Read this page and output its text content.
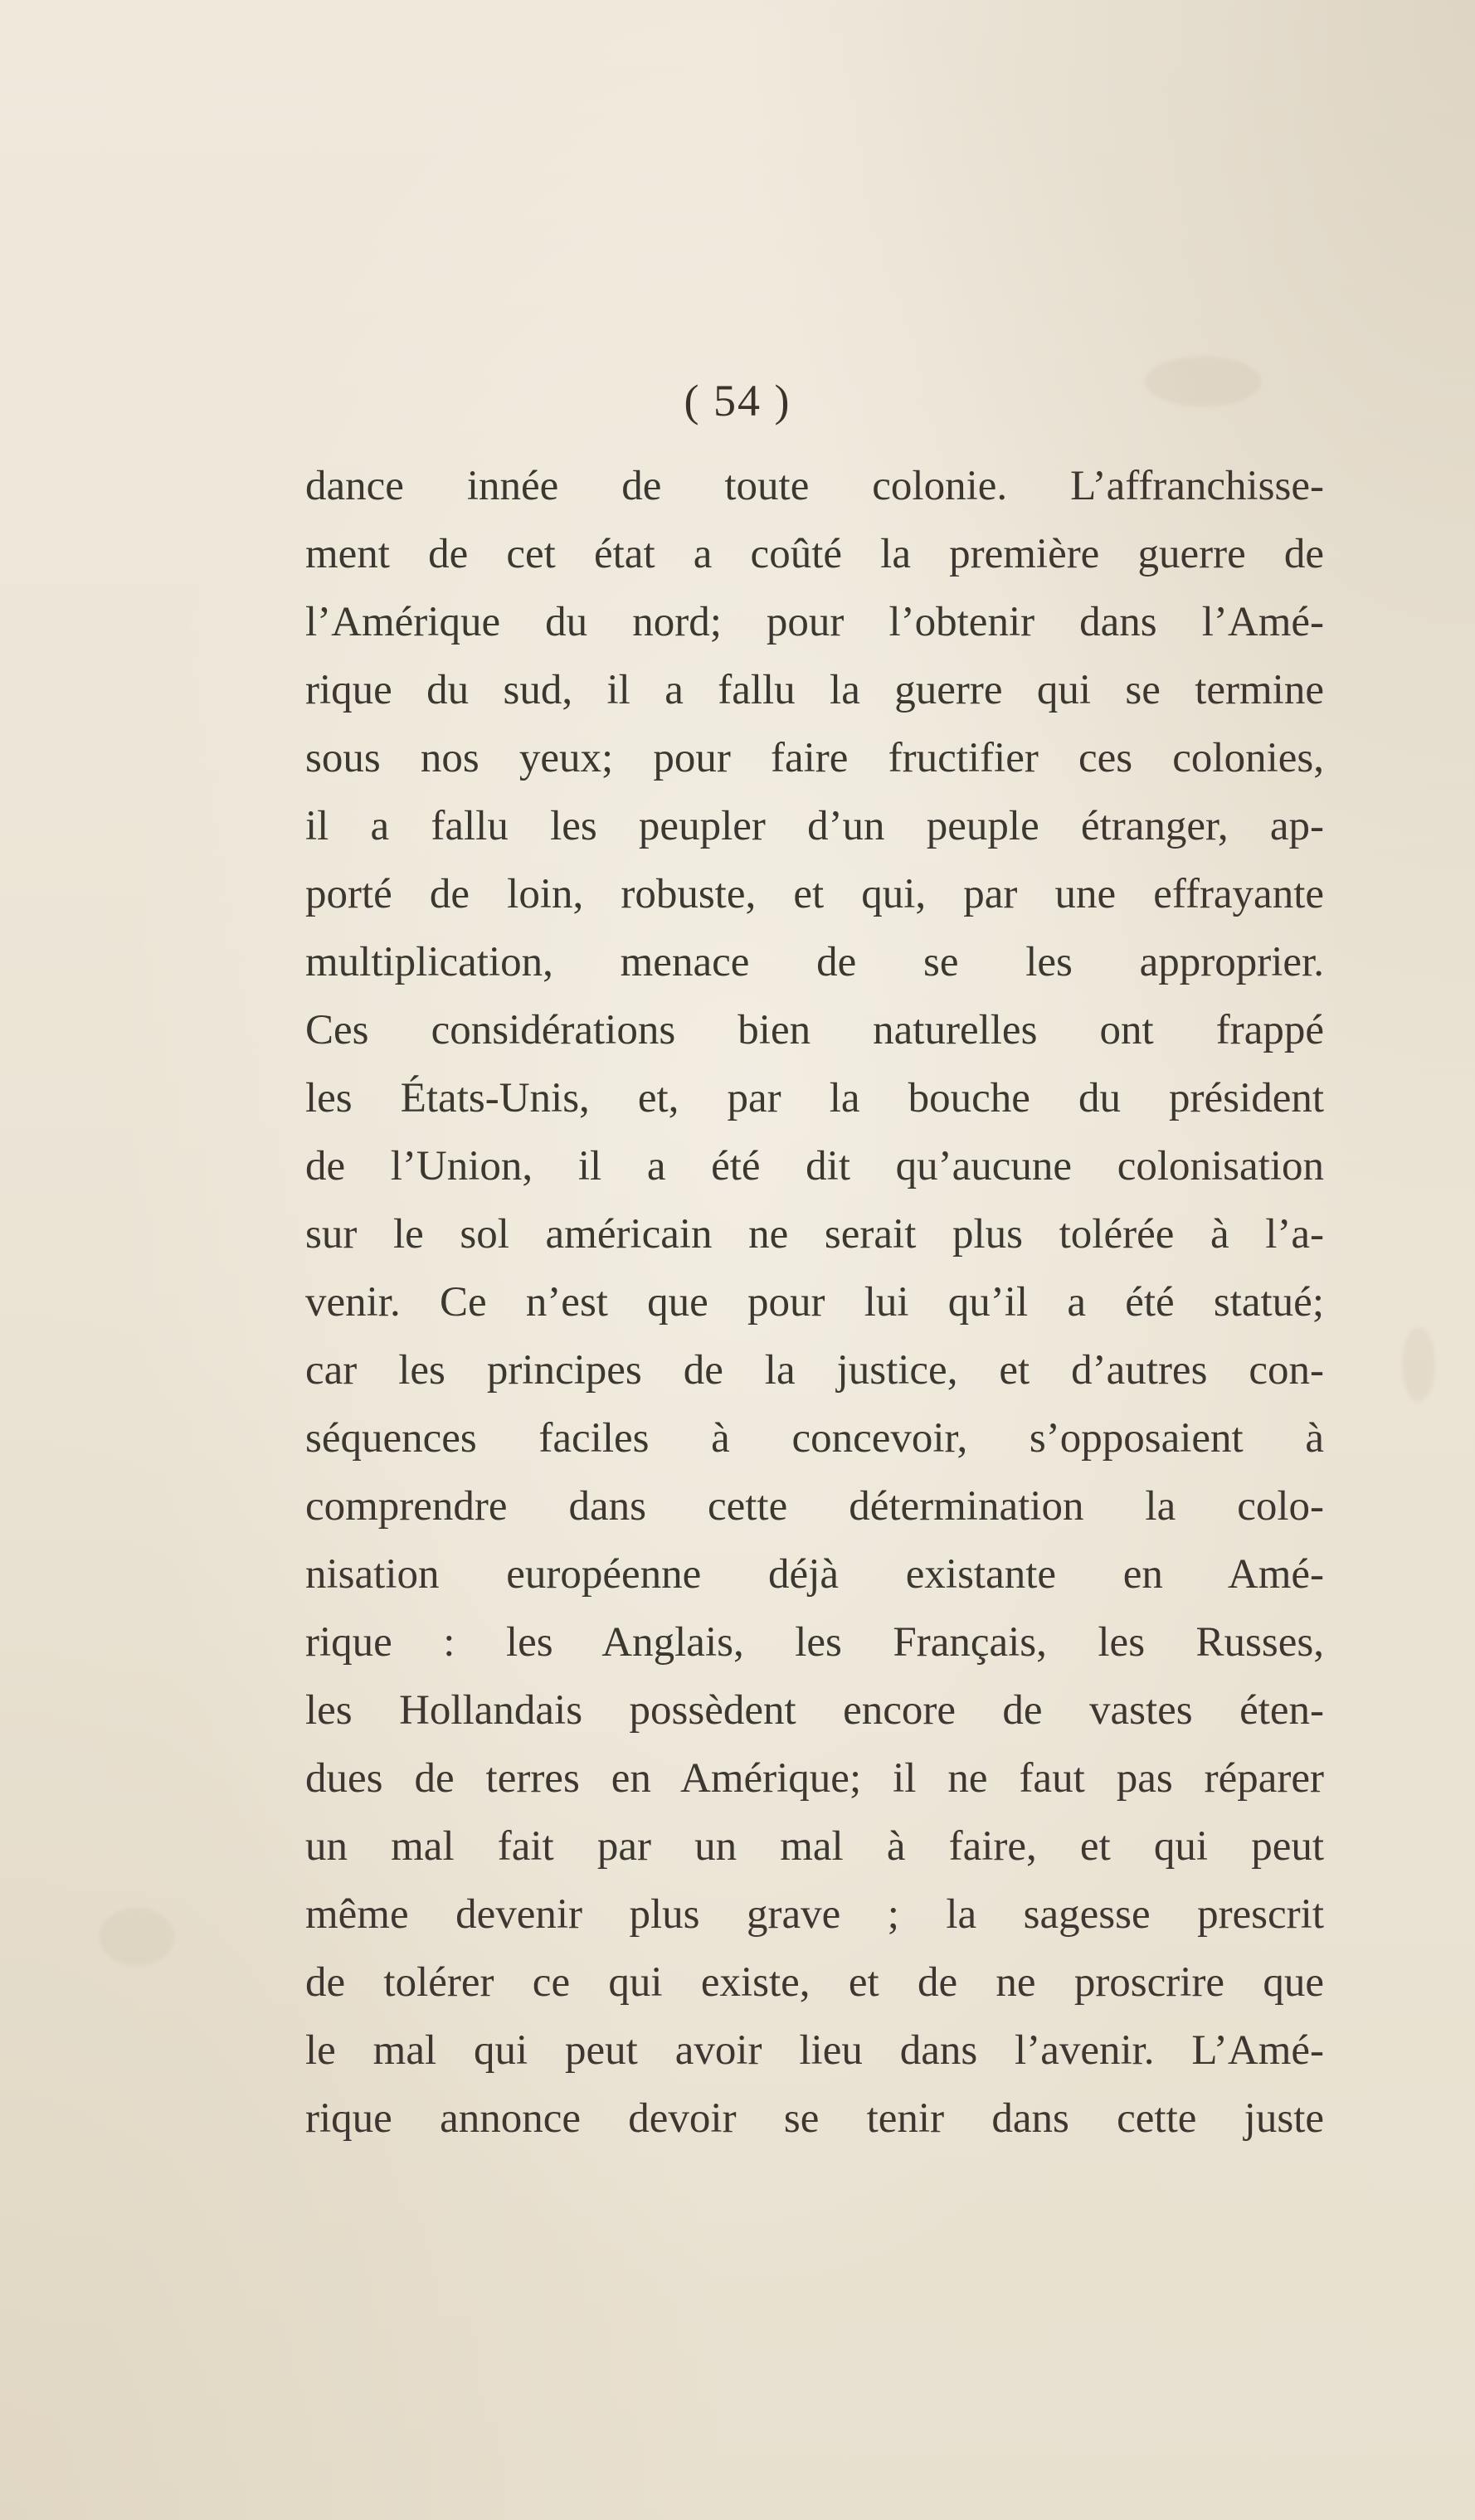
( 54 )
dance innée de toute colonie. L’affranchisse-
ment de cet état a coûté la première guerre de
l’Amérique du nord; pour l’obtenir dans l’Amé-
rique du sud, il a fallu la guerre qui se termine
sous nos yeux; pour faire fructifier ces colonies,
il a fallu les peupler d’un peuple étranger, ap-
porté de loin, robuste, et qui, par une effrayante
multiplication, menace de se les approprier.
Ces considérations bien naturelles ont frappé
les États-Unis, et, par la bouche du président
de l’Union, il a été dit qu’aucune colonisation
sur le sol américain ne serait plus tolérée à l’a-
venir. Ce n’est que pour lui qu’il a été statué;
car les principes de la justice, et d’autres con-
séquences faciles à concevoir, s’opposaient à
comprendre dans cette détermination la colo-
nisation européenne déjà existante en Amé-
rique : les Anglais, les Français, les Russes,
les Hollandais possèdent encore de vastes éten-
dues de terres en Amérique; il ne faut pas réparer
un mal fait par un mal à faire, et qui peut
même devenir plus grave ; la sagesse prescrit
de tolérer ce qui existe, et de ne proscrire que
le mal qui peut avoir lieu dans l’avenir. L’Amé-
rique annonce devoir se tenir dans cette juste
